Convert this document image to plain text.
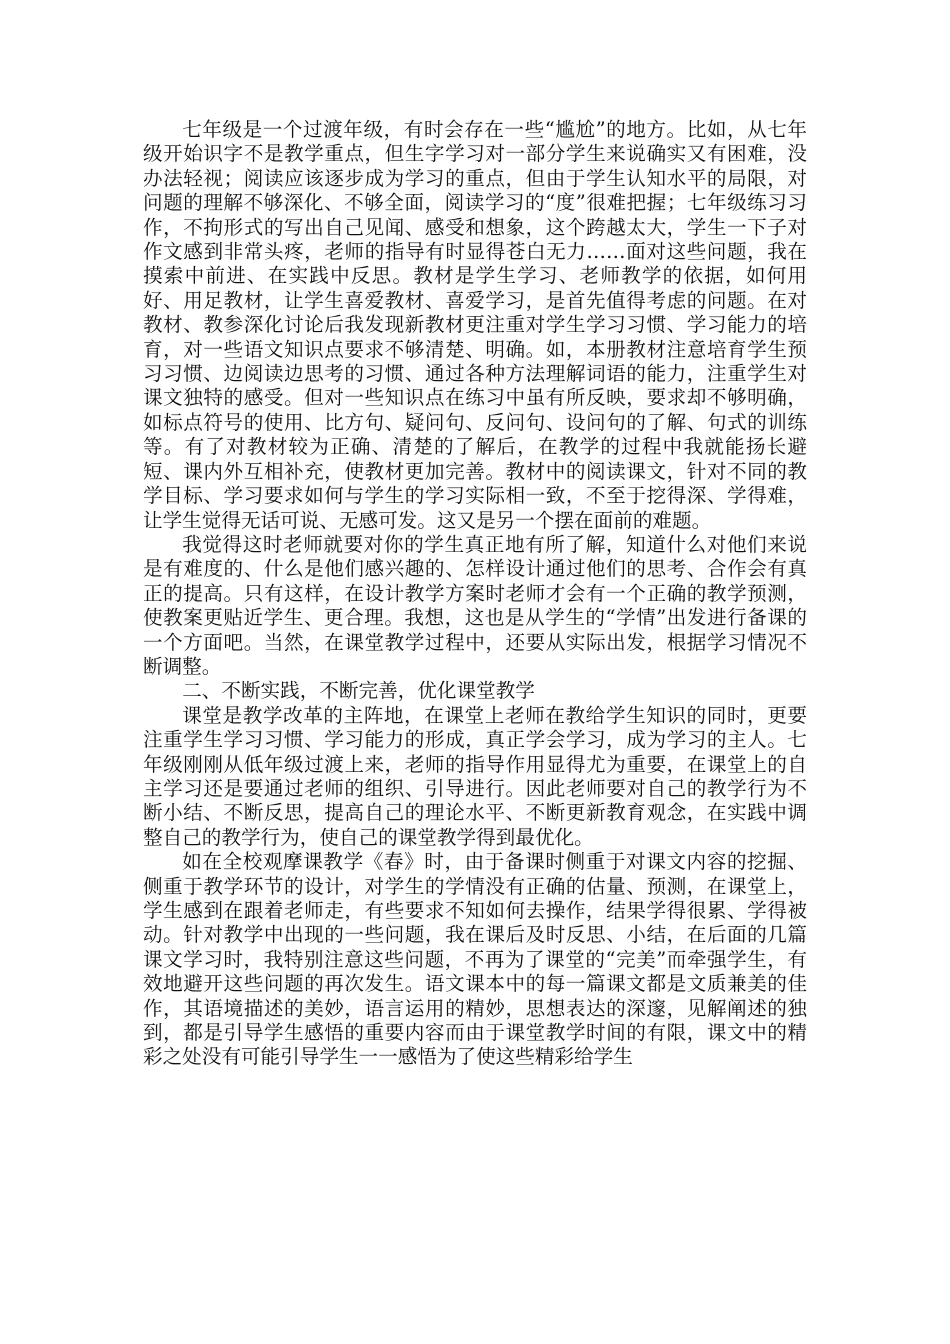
七年级是一个过渡年级，有时会存在一些“尴尬”的地方。比如，从七年级开始识字不是教学重点，但生字学习对一部分学生来说确实又有困难，没办法轻视；阅读应该逐步成为学习的重点，但由于学生认知水平的局限，对问题的理解不够深化、不够全面，阅读学习的“度”很难把握；七年级练习习作，不拘形式的写出自己见闻、感受和想象，这个跨越太大，学生一下子对作文感到非常头疼，老师的指导有时显得苍白无力……面对这些问题，我在摸索中前进、在实践中反思。教材是学生学习、老师教学的依据，如何用好、用足教材，让学生喜爱教材、喜爱学习，是首先值得考虑的问题。在对教材、教参深化讨论后我发现新教材更注重对学生学习习惯、学习能力的培育，对一些语文知识点要求不够清楚、明确。如，本册教材注意培育学生预习习惯、边阅读边思考的习惯、通过各种方法理解词语的能力，注重学生对课文独特的感受。但对一些知识点在练习中虽有所反映，要求却不够明确，如标点符号的使用、比方句、疑问句、反问句、设问句的了解、句式的训练等。有了对教材较为正确、清楚的了解后，在教学的过程中我就能扬长避短、课内外互相补充，使教材更加完善。教材中的阅读课文，针对不同的教学目标、学习要求如何与学生的学习实际相一致，不至于挖得深、学得难，让学生觉得无话可说、无感可发。这又是另一个摆在面前的难题。

我觉得这时老师就要对你的学生真正地有所了解，知道什么对他们来说是有难度的、什么是他们感兴趣的、怎样设计通过他们的思考、合作会有真正的提高。只有这样，在设计教学方案时老师才会有一个正确的教学预测，使教案更贴近学生、更合理。我想，这也是从学生的“学情”出发进行备课的一个方面吧。当然，在课堂教学过程中，还要从实际出发，根据学习情况不断调整。

二、不断实践，不断完善，优化课堂教学

课堂是教学改革的主阵地，在课堂上老师在教给学生知识的同时，更要注重学生学习习惯、学习能力的形成，真正学会学习，成为学习的主人。七年级刚刚从低年级过渡上来，老师的指导作用显得尤为重要，在课堂上的自主学习还是要通过老师的组织、引导进行。因此老师要对自己的教学行为不断小结、不断反思，提高自己的理论水平、不断更新教育观念，在实践中调整自己的教学行为，使自己的课堂教学得到最优化。

如在全校观摩课教学《春》时，由于备课时侧重于对课文内容的挖掘、侧重于教学环节的设计，对学生的学情没有正确的估量、预测，在课堂上，学生感到在跟着老师走，有些要求不知如何去操作，结果学得很累、学得被动。针对教学中出现的一些问题，我在课后及时反思、小结，在后面的几篇课文学习时，我特别注意这些问题，不再为了课堂的“完美”而牵强学生，有效地避开这些问题的再次发生。语文课本中的每一篇课文都是文质兼美的佳作，其语境描述的美妙，语言运用的精妙，思想表达的深邃，见解阐述的独到，都是引导学生感悟的重要内容而由于课堂教学时间的有限，课文中的精彩之处没有可能引导学生一一感悟为了使这些精彩给学生
